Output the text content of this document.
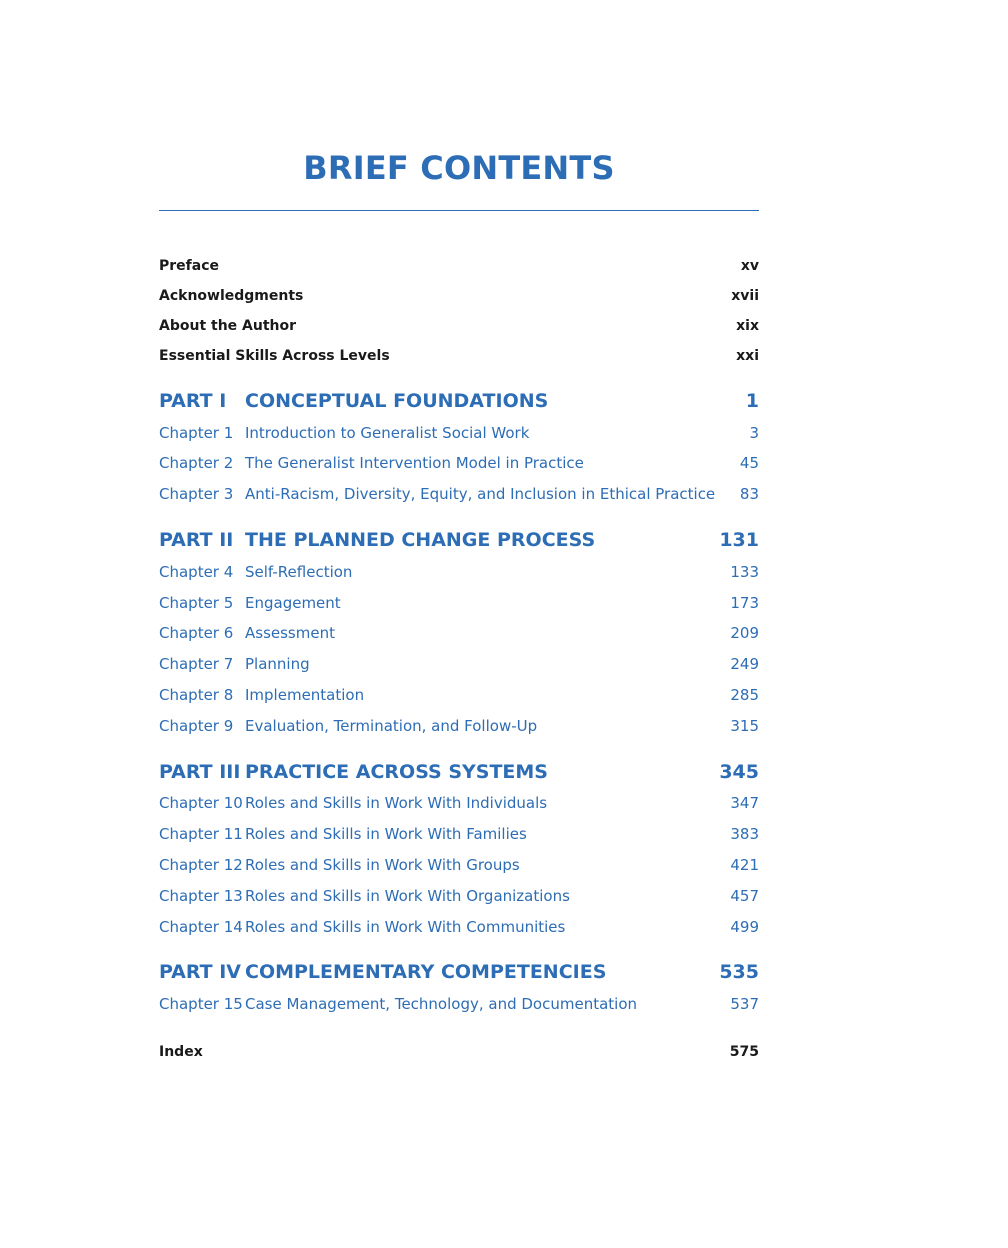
BRIEF CONTENTS
Preface	xv
Acknowledgments	xvii
About the Author	xix
Essential Skills Across Levels	xxi
PART I CONCEPTUAL FOUNDATIONS	1
Chapter 1 Introduction to Generalist Social Work	3
Chapter 2 The Generalist Intervention Model in Practice	45
Chapter 3 Anti-Racism, Diversity, Equity, and Inclusion in Ethical Practice	83
PART II THE PLANNED CHANGE PROCESS	131
Chapter 4 Self-Reflection	133
Chapter 5 Engagement	173
Chapter 6 Assessment	209
Chapter 7 Planning	249
Chapter 8 Implementation	285
Chapter 9 Evaluation, Termination, and Follow-Up	315
PART III PRACTICE ACROSS SYSTEMS	345
Chapter 10 Roles and Skills in Work With Individuals	347
Chapter 11 Roles and Skills in Work With Families	383
Chapter 12 Roles and Skills in Work With Groups	421
Chapter 13 Roles and Skills in Work With Organizations	457
Chapter 14 Roles and Skills in Work With Communities	499
PART IV COMPLEMENTARY COMPETENCIES	535
Chapter 15 Case Management, Technology, and Documentation	537
Index	575
